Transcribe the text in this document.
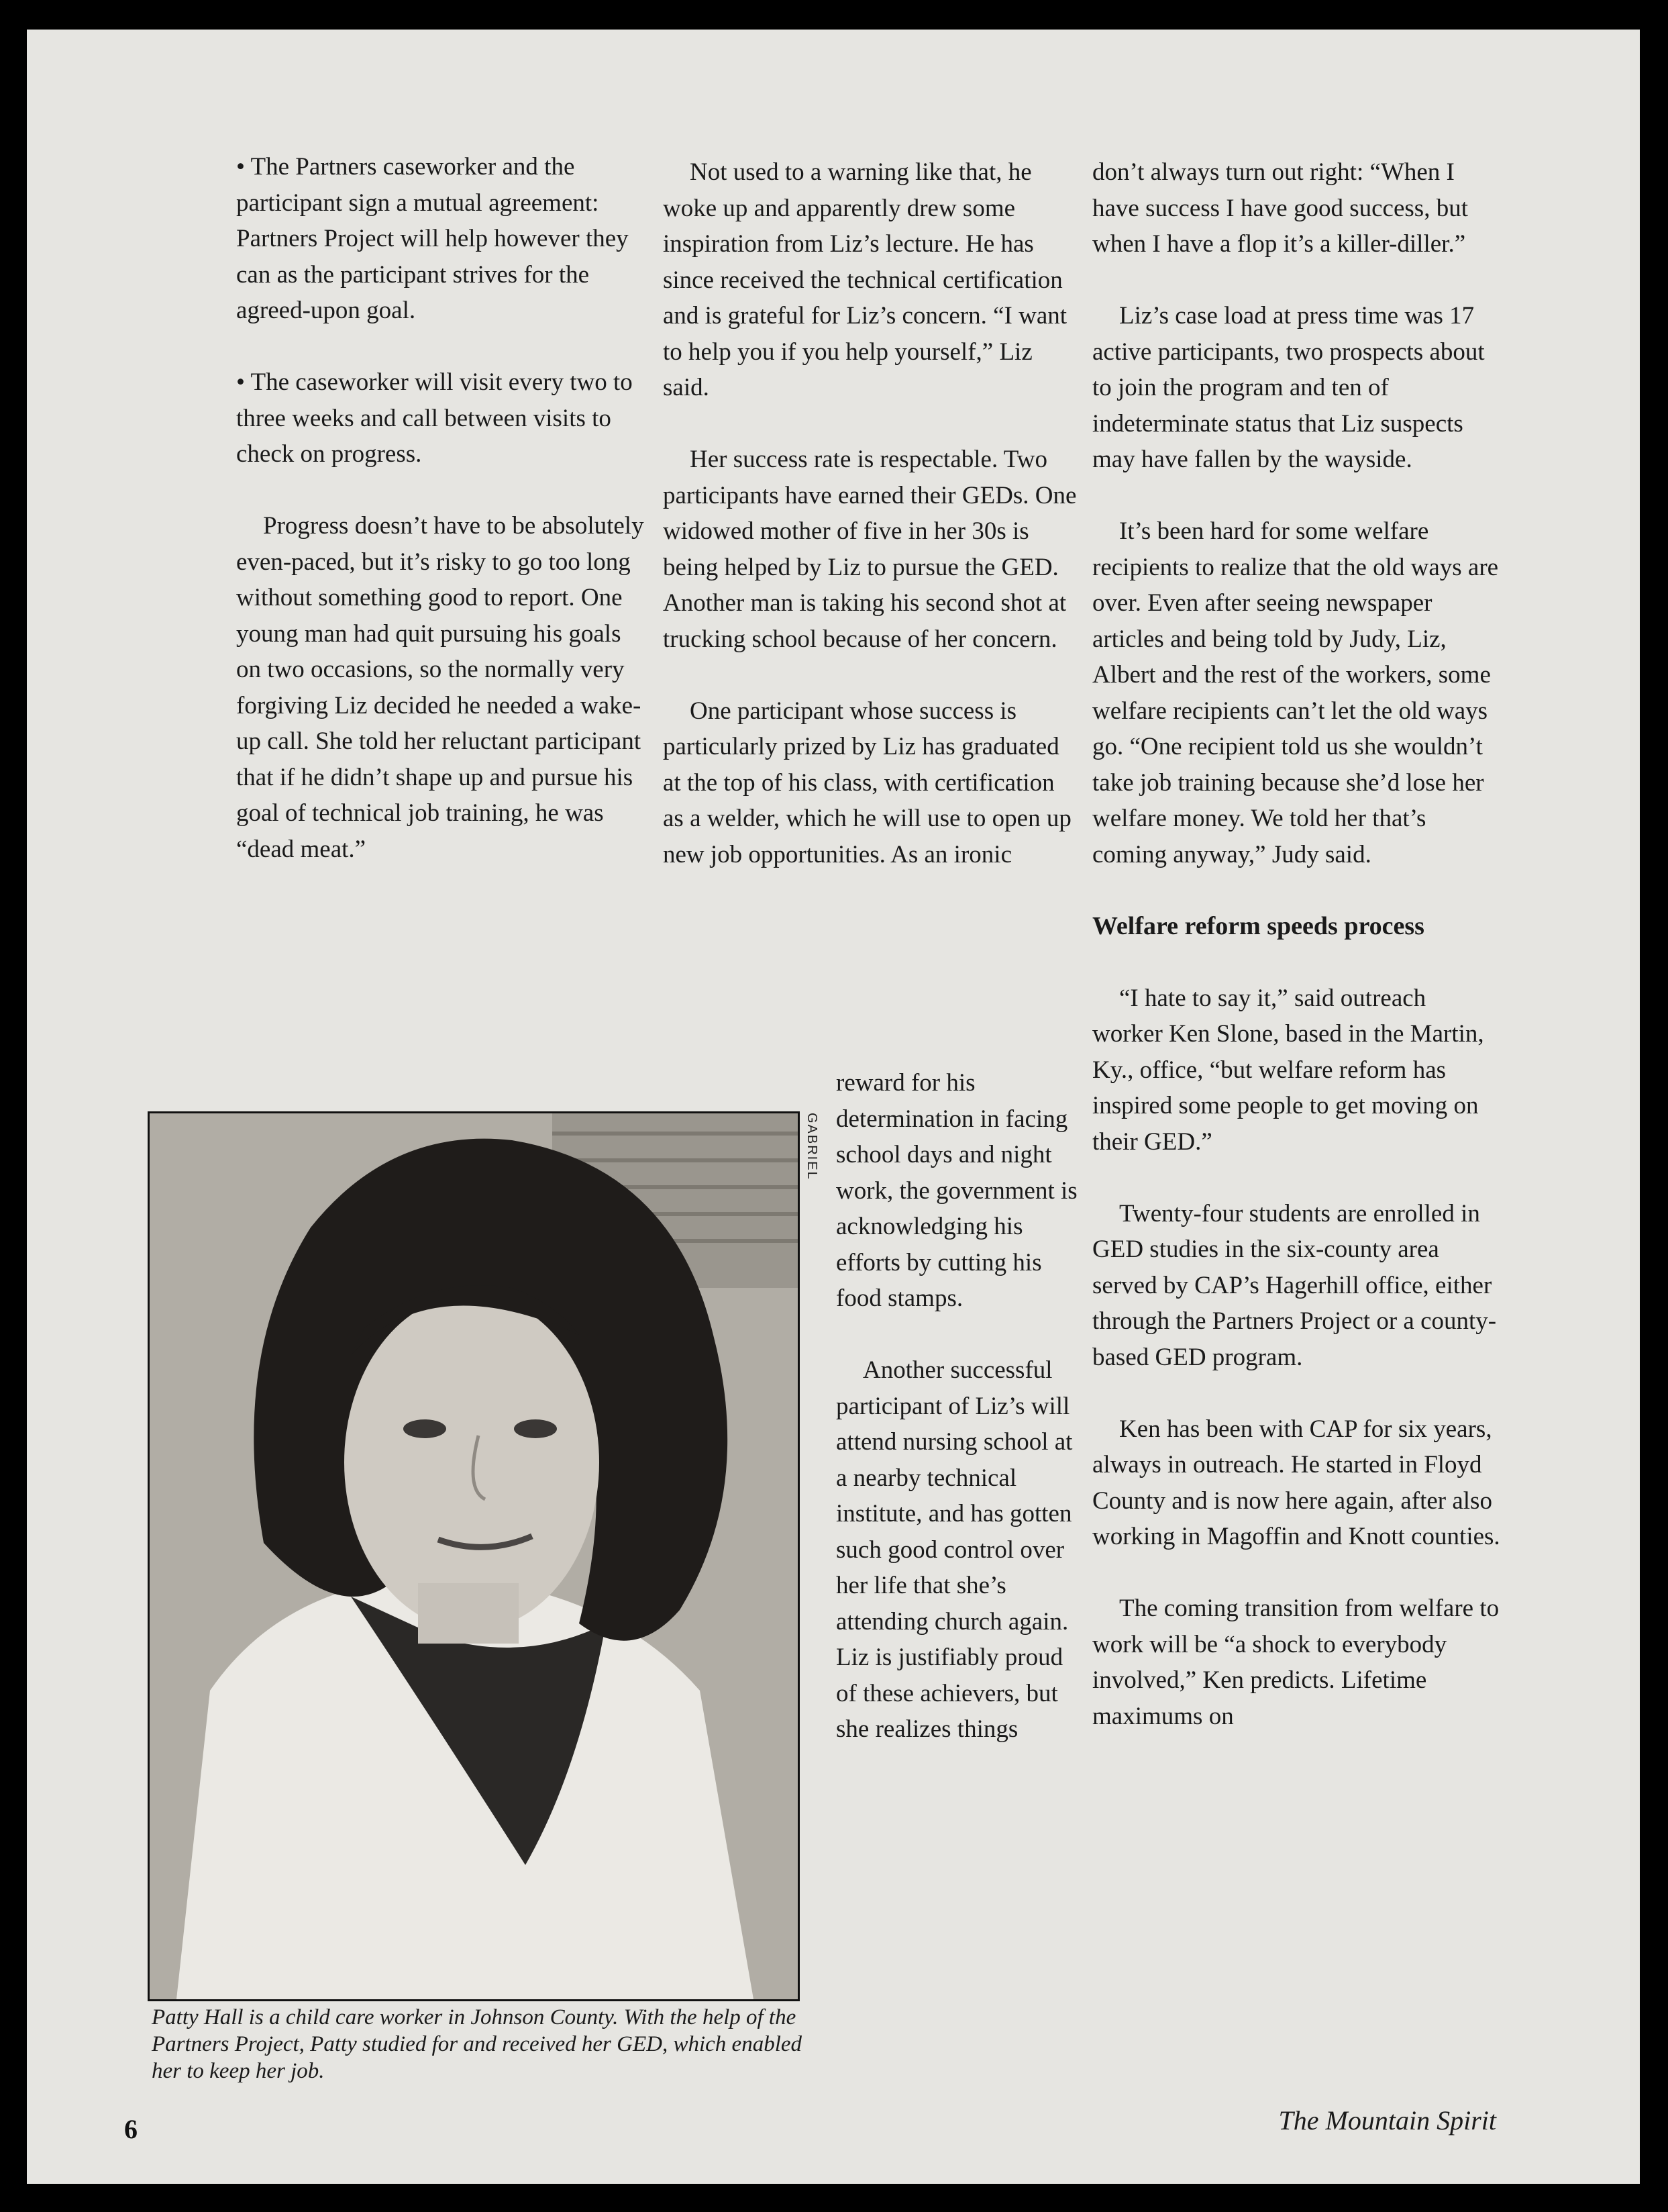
• The Partners caseworker and the participant sign a mutual agreement: Partners Project will help however they can as the participant strives for the agreed-upon goal.

• The caseworker will visit every two to three weeks and call between visits to check on progress.

Progress doesn’t have to be absolutely even-paced, but it’s risky to go too long without something good to report. One young man had quit pursuing his goals on two occasions, so the normally very forgiving Liz decided he needed a wake-up call. She told her reluctant participant that if he didn’t shape up and pursue his goal of technical job training, he was “dead meat.”

Not used to a warning like that, he woke up and apparently drew some inspiration from Liz’s lecture. He has since received the technical certification and is grateful for Liz’s concern. “I want to help you if you help yourself,” Liz said.

Her success rate is respectable. Two participants have earned their GEDs. One widowed mother of five in her 30s is being helped by Liz to pursue the GED. Another man is taking his second shot at trucking school because of her concern.

One participant whose success is particularly prized by Liz has graduated at the top of his class, with certification as a welder, which he will use to open up new job opportunities. As an ironic

reward for his determination in facing school days and night work, the government is acknowledging his efforts by cutting his food stamps.

Another successful participant of Liz’s will attend nursing school at a nearby technical institute, and has gotten such good control over her life that she’s attending church again. Liz is justifiably proud of these achievers, but she realizes things

don’t always turn out right: “When I have success I have good success, but when I have a flop it’s a killer-diller.”

Liz’s case load at press time was 17 active participants, two prospects about to join the program and ten of indeterminate status that Liz suspects may have fallen by the wayside.

It’s been hard for some welfare recipients to realize that the old ways are over. Even after seeing newspaper articles and being told by Judy, Liz, Albert and the rest of the workers, some welfare recipients can’t let the old ways go. “One recipient told us she wouldn’t take job training because she’d lose her welfare money. We told her that’s coming anyway,” Judy said.

Welfare reform speeds process

“I hate to say it,” said outreach worker Ken Slone, based in the Martin, Ky., office, “but welfare reform has inspired some people to get moving on their GED.”

Twenty-four students are enrolled in GED studies in the six-county area served by CAP’s Hagerhill office, either through the Partners Project or a county-based GED program.

Ken has been with CAP for six years, always in outreach. He started in Floyd County and is now here again, after also working in Magoffin and Knott counties.

The coming transition from welfare to work will be “a shock to everybody involved,” Ken predicts. Lifetime maximums on

GABRIEL
Patty Hall is a child care worker in Johnson County. With the help of the Partners Project, Patty studied for and received her GED, which enabled her to keep her job.
6	The Mountain Spirit
